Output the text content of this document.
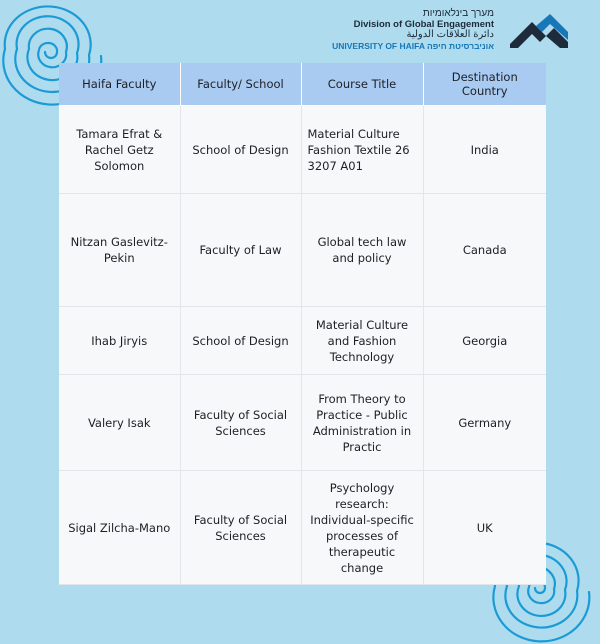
מערך בינלאומיות
Division of Global Engagement
دائرة العلاقات الدولية
UNIVERSITY OF HAIFA אוניברסיטת חיפה
Haifa Faculty	Faculty/ School	Course Title	Destination Country
Tamara Efrat & Rachel Getz Solomon	School of Design	Material Culture Fashion Textile 26 3207 A01	India
Nitzan Gaslevitz-Pekin	Faculty of Law	Global tech law and policy	Canada
Ihab Jiryis	School of Design	Material Culture and Fashion Technology	Georgia
Valery Isak	Faculty of Social Sciences	From Theory to Practice - Public Administration in Practic	Germany
Sigal Zilcha-Mano	Faculty of Social Sciences	Psychology research: Individual-specific processes of therapeutic change	UK
